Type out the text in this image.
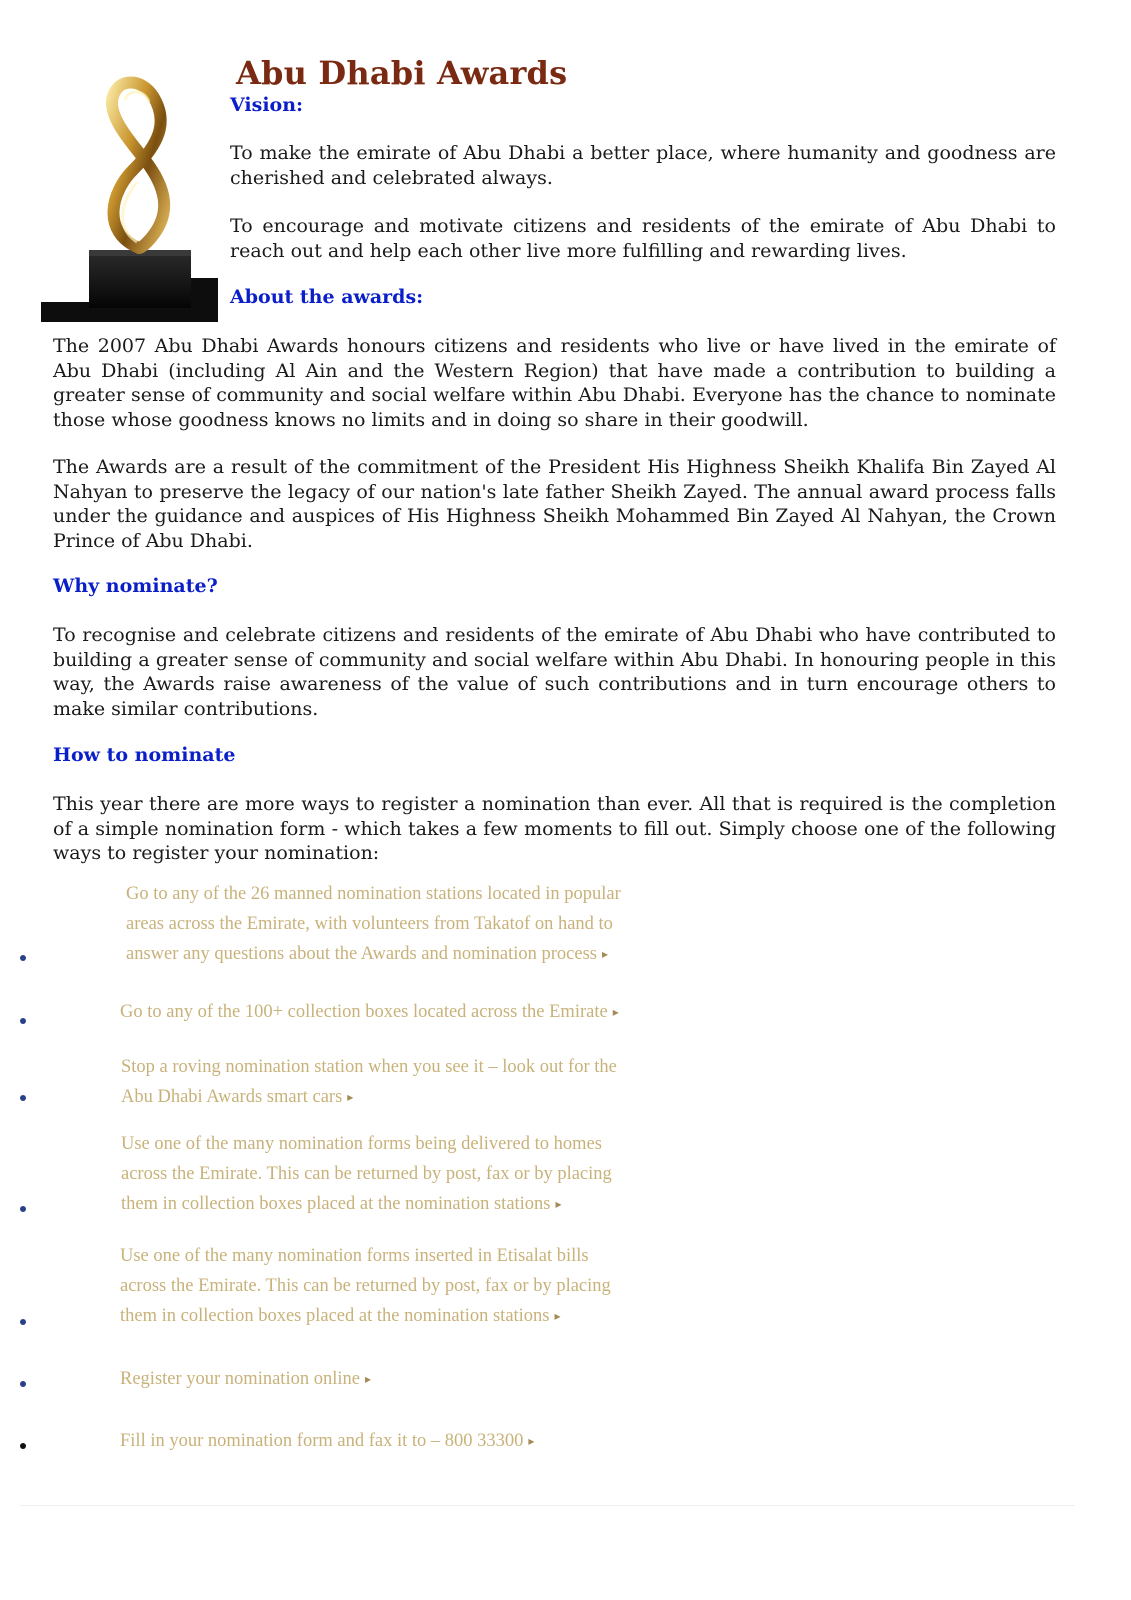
Abu Dhabi Awards
Vision:

To make the emirate of Abu Dhabi a better place, where humanity and goodness are cherished and celebrated always.

To encourage and motivate citizens and residents of the emirate of Abu Dhabi to reach out and help each other live more fulfilling and rewarding lives.

About the awards:

The 2007 Abu Dhabi Awards honours citizens and residents who live or have lived in the emirate of Abu Dhabi (including Al Ain and the Western Region) that have made a contribution to building a greater sense of community and social welfare within Abu Dhabi. Everyone has the chance to nominate those whose goodness knows no limits and in doing so share in their goodwill.

The Awards are a result of the commitment of the President His Highness Sheikh Khalifa Bin Zayed Al Nahyan to preserve the legacy of our nation's late father Sheikh Zayed. The annual award process falls under the guidance and auspices of His Highness Sheikh Mohammed Bin Zayed Al Nahyan, the Crown Prince of Abu Dhabi.

Why nominate?

To recognise and celebrate citizens and residents of the emirate of Abu Dhabi who have contributed to building a greater sense of community and social welfare within Abu Dhabi. In honouring people in this way, the Awards raise awareness of the value of such contributions and in turn encourage others to make similar contributions.

How to nominate

This year there are more ways to register a nomination than ever. All that is required is the completion of a simple nomination form - which takes a few moments to fill out. Simply choose one of the following ways to register your nomination:

Go to any of the 26 manned nomination stations located in popular
areas across the Emirate, with volunteers from Takatof on hand to
answer any questions about the Awards and nomination process ▸

Go to any of the 100+ collection boxes located across the Emirate ▸

Stop a roving nomination station when you see it – look out for the
Abu Dhabi Awards smart cars ▸

Use one of the many nomination forms being delivered to homes
across the Emirate. This can be returned by post, fax or by placing
them in collection boxes placed at the nomination stations ▸

Use one of the many nomination forms inserted in Etisalat bills
across the Emirate. This can be returned by post, fax or by placing
them in collection boxes placed at the nomination stations ▸

Register your nomination online ▸

Fill in your nomination form and fax it to – 800 33300 ▸
